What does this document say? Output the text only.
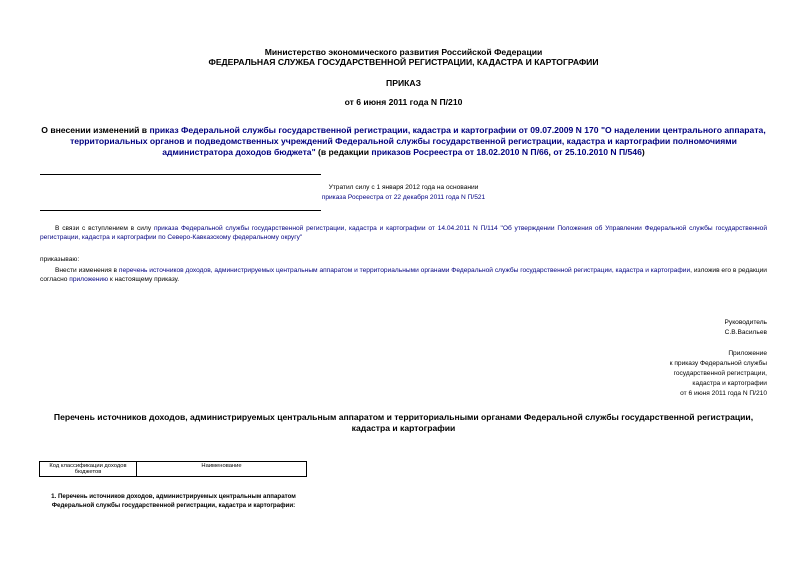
Министерство экономического развития Российской Федерации
ФЕДЕРАЛЬНАЯ СЛУЖБА ГОСУДАРСТВЕННОЙ РЕГИСТРАЦИИ, КАДАСТРА И КАРТОГРАФИИ
ПРИКАЗ
от 6 июня 2011 года N П/210
О внесении изменений в приказ Федеральной службы государственной регистрации, кадастра и картографии от 09.07.2009 N 170 "О наделении центрального аппарата, территориальных органов и подведомственных учреждений Федеральной службы государственной регистрации, кадастра и картографии полномочиями администратора доходов бюджета" (в редакции приказов Росреестра от 18.02.2010 N П/66, от 25.10.2010 N П/546)
Утратил силу с 1 января 2012 года на основании
приказа Росреестра от 22 декабря 2011 года N П/521
В связи с вступлением в силу приказа Федеральной службы государственной регистрации, кадастра и картографии от 14.04.2011 N П/114 "Об утверждении Положения об Управлении Федеральной службы государственной регистрации, кадастра и картографии по Северо-Кавказскому федеральному округу"
приказываю:
Внести изменения в перечень источников доходов, администрируемых центральным аппаратом и территориальными органами Федеральной службы государственной регистрации, кадастра и картографии, изложив его в редакции согласно приложению к настоящему приказу.
Руководитель
С.В.Васильев
Приложение
к приказу Федеральной службы
государственной регистрации,
кадастра и картографии
от 6 июня 2011 года N П/210
Перечень источников доходов, администрируемых центральным аппаратом и территориальными органами Федеральной службы государственной регистрации, кадастра и картографии
Код классификации доходов бюджетов	Наименование
1. Перечень источников доходов, администрируемых центральным аппаратом Федеральной службы государственной регистрации, кадастра и картографии:
